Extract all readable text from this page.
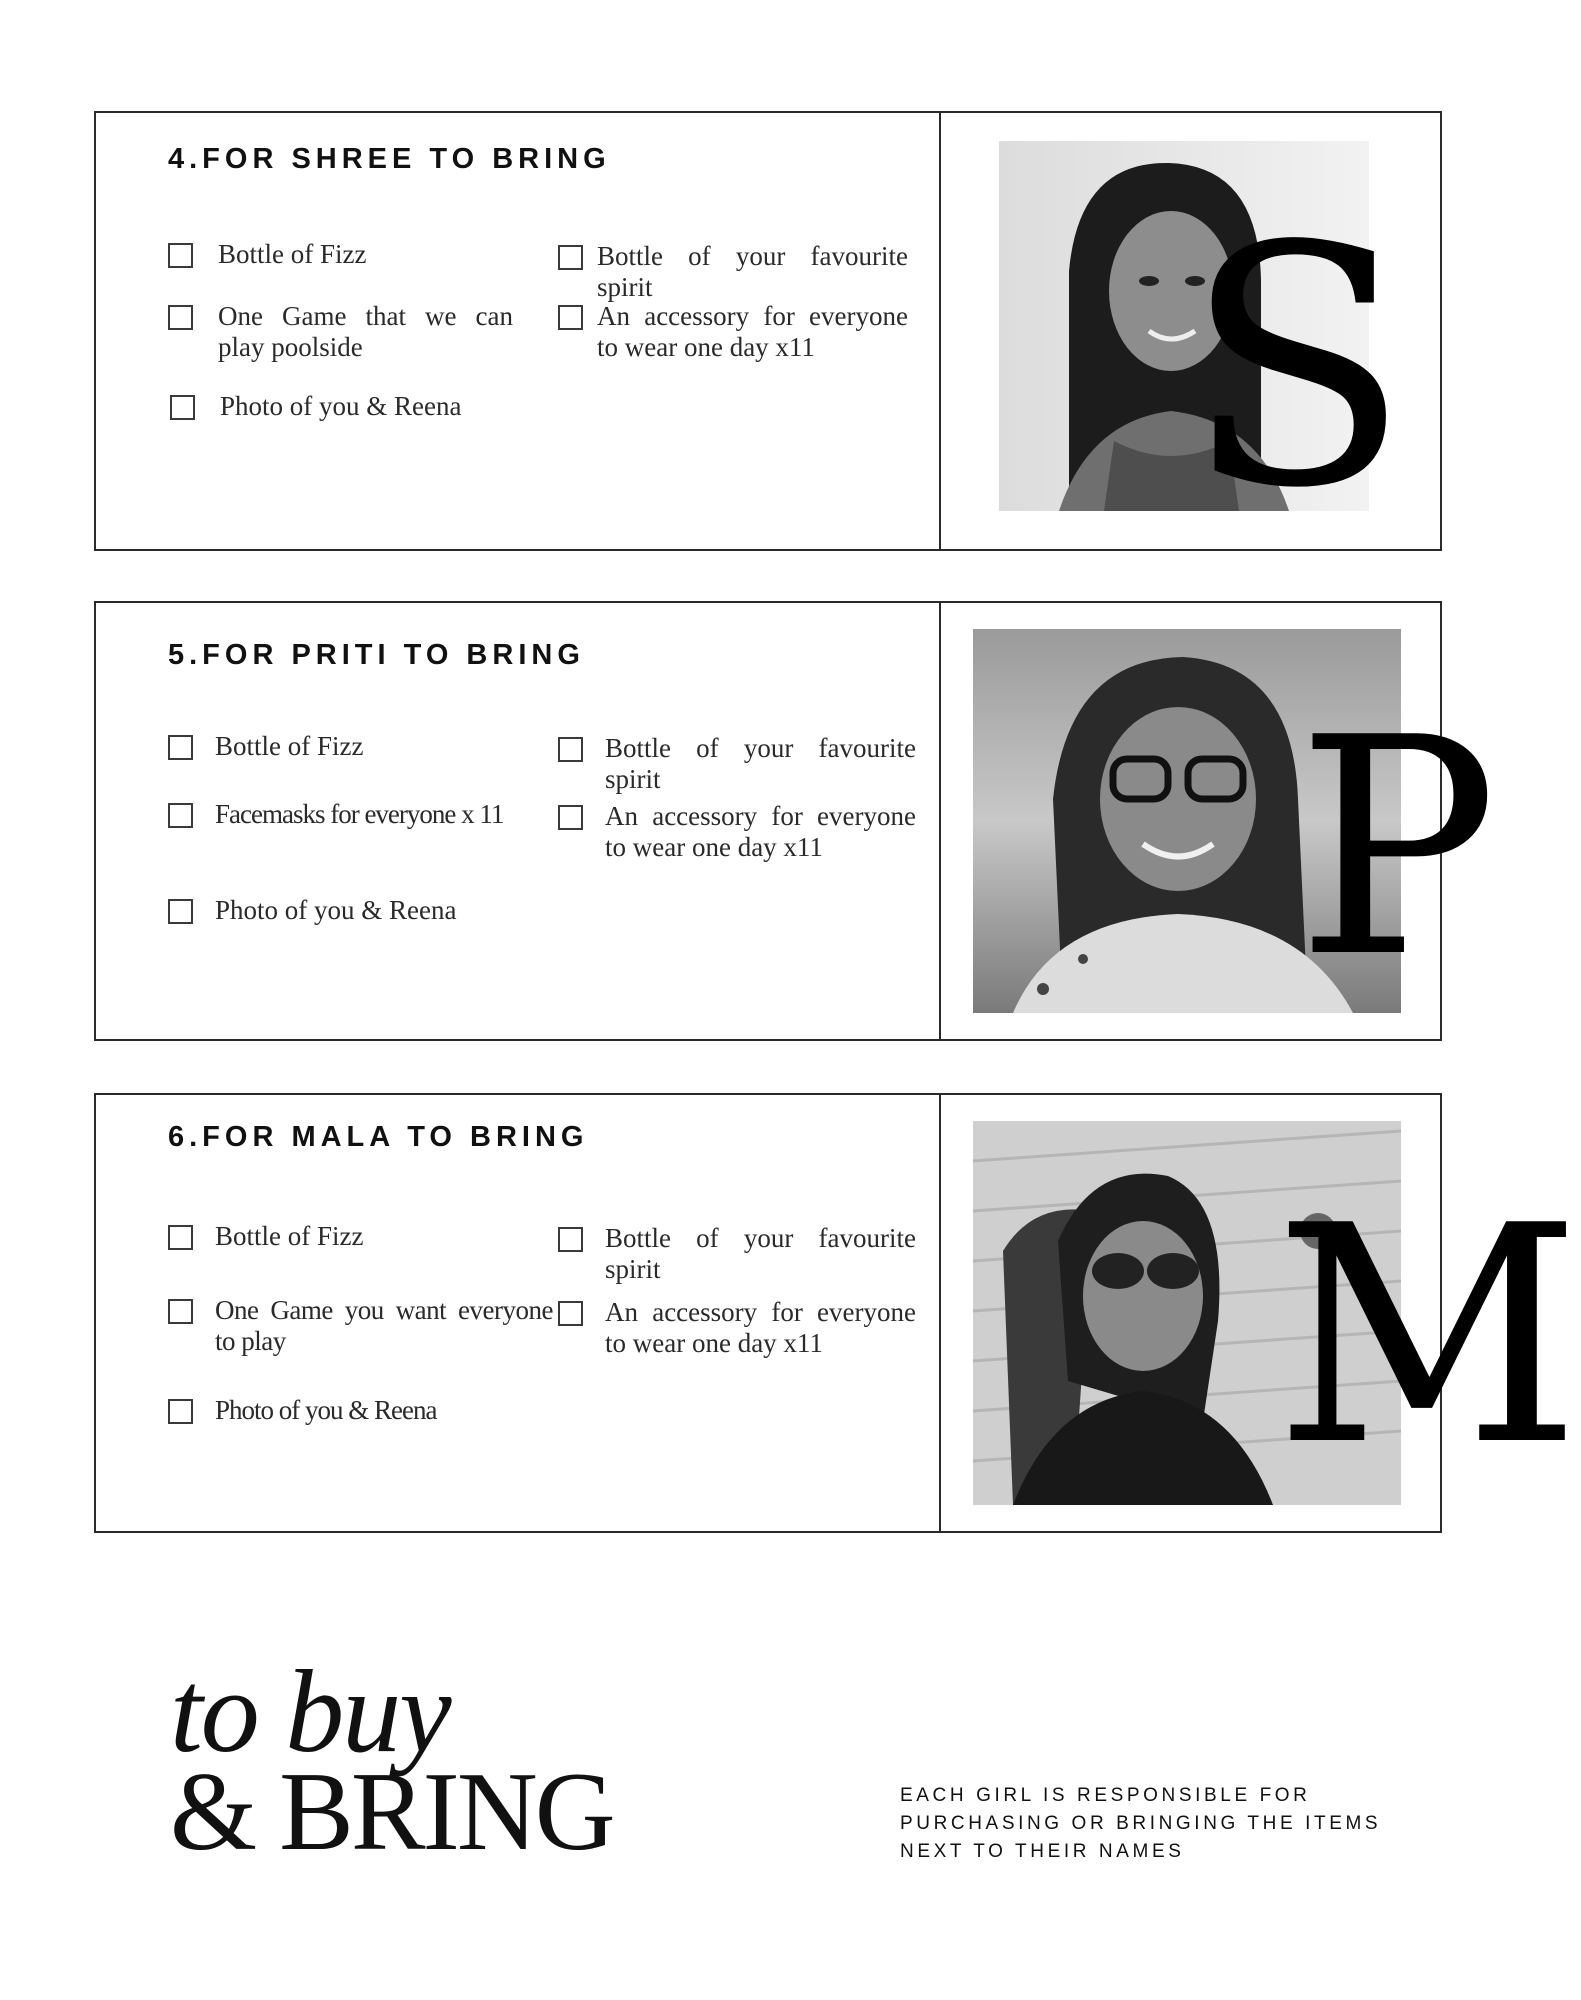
4.FOR SHREE TO BRING
Bottle of Fizz
One Game that we can play poolside
Photo of you & Reena
Bottle of your favourite spirit
An accessory for everyone to wear one day x11 S
5.FOR PRITI TO BRING
Bottle of Fizz
Facemasks for everyone x 11
Photo of you & Reena
Bottle of your favourite spirit
An accessory for everyone to wear one day x11	P
6.FOR MALA TO BRING
Bottle of Fizz
One Game you want everyone to play
Photo of you & Reena
Bottle of your favourite spirit
An accessory for everyone to wear one day x11	M
to buy
& BRING	EACH GIRL IS RESPONSIBLE FOR PURCHASING OR BRINGING THE ITEMS NEXT TO THEIR NAMES
